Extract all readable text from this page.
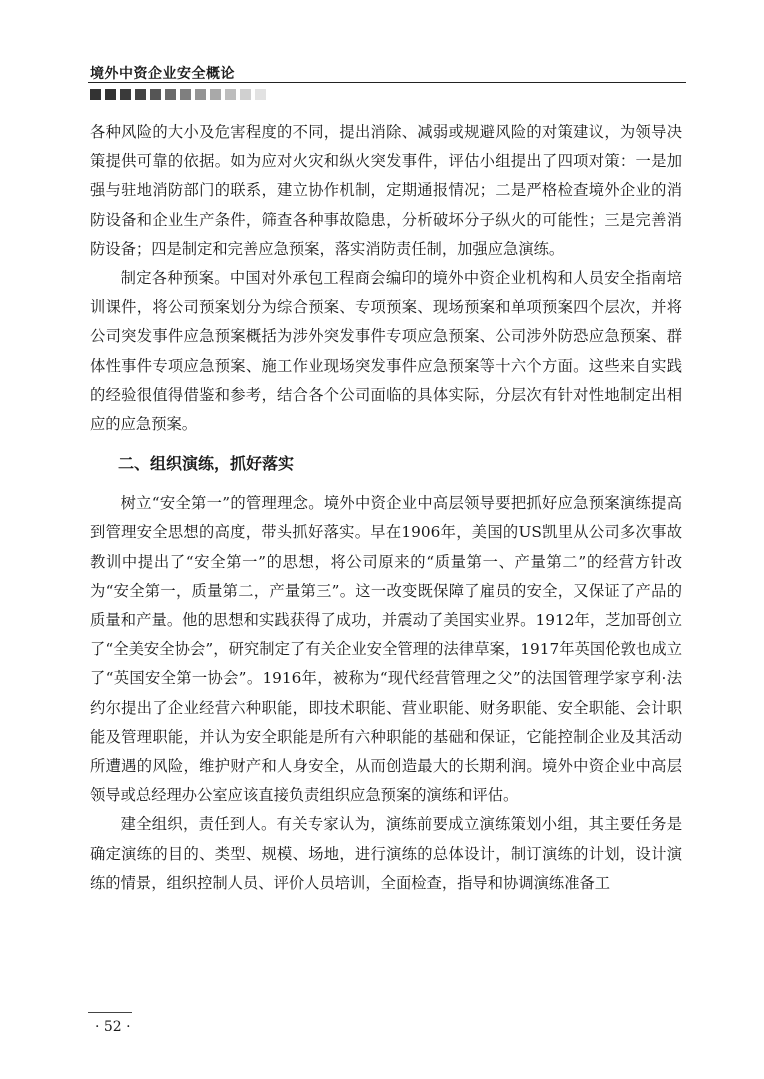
境外中资企业安全概论

各种风险的大小及危害程度的不同，提出消除、减弱或规避风险的对策建议，为领导决策提供可靠的依据。如为应对火灾和纵火突发事件，评估小组提出了四项对策：一是加强与驻地消防部门的联系，建立协作机制，定期通报情况；二是严格检查境外企业的消防设备和企业生产条件，筛查各种事故隐患，分析破坏分子纵火的可能性；三是完善消防设备；四是制定和完善应急预案，落实消防责任制，加强应急演练。

制定各种预案。中国对外承包工程商会编印的境外中资企业机构和人员安全指南培训课件，将公司预案划分为综合预案、专项预案、现场预案和单项预案四个层次，并将公司突发事件应急预案概括为涉外突发事件专项应急预案、公司涉外防恐应急预案、群体性事件专项应急预案、施工作业现场突发事件应急预案等十六个方面。这些来自实践的经验很值得借鉴和参考，结合各个公司面临的具体实际，分层次有针对性地制定出相应的应急预案。

二、组织演练，抓好落实

树立“安全第一”的管理理念。境外中资企业中高层领导要把抓好应急预案演练提高到管理安全思想的高度，带头抓好落实。早在1906年，美国的US凯里从公司多次事故教训中提出了“安全第一”的思想，将公司原来的“质量第一、产量第二”的经营方针改为“安全第一，质量第二，产量第三”。这一改变既保障了雇员的安全，又保证了产品的质量和产量。他的思想和实践获得了成功，并震动了美国实业界。1912年，芝加哥创立了“全美安全协会”，研究制定了有关企业安全管理的法律草案，1917年英国伦敦也成立了“英国安全第一协会”。1916年，被称为“现代经营管理之父”的法国管理学家亨利·法约尔提出了企业经营六种职能，即技术职能、营业职能、财务职能、安全职能、会计职能及管理职能，并认为安全职能是所有六种职能的基础和保证，它能控制企业及其活动所遭遇的风险，维护财产和人身安全，从而创造最大的长期利润。境外中资企业中高层领导或总经理办公室应该直接负责组织应急预案的演练和评估。

建全组织，责任到人。有关专家认为，演练前要成立演练策划小组，其主要任务是确定演练的目的、类型、规模、场地，进行演练的总体设计，制订演练的计划，设计演练的情景，组织控制人员、评价人员培训，全面检查，指导和协调演练准备工

· 52 ·
